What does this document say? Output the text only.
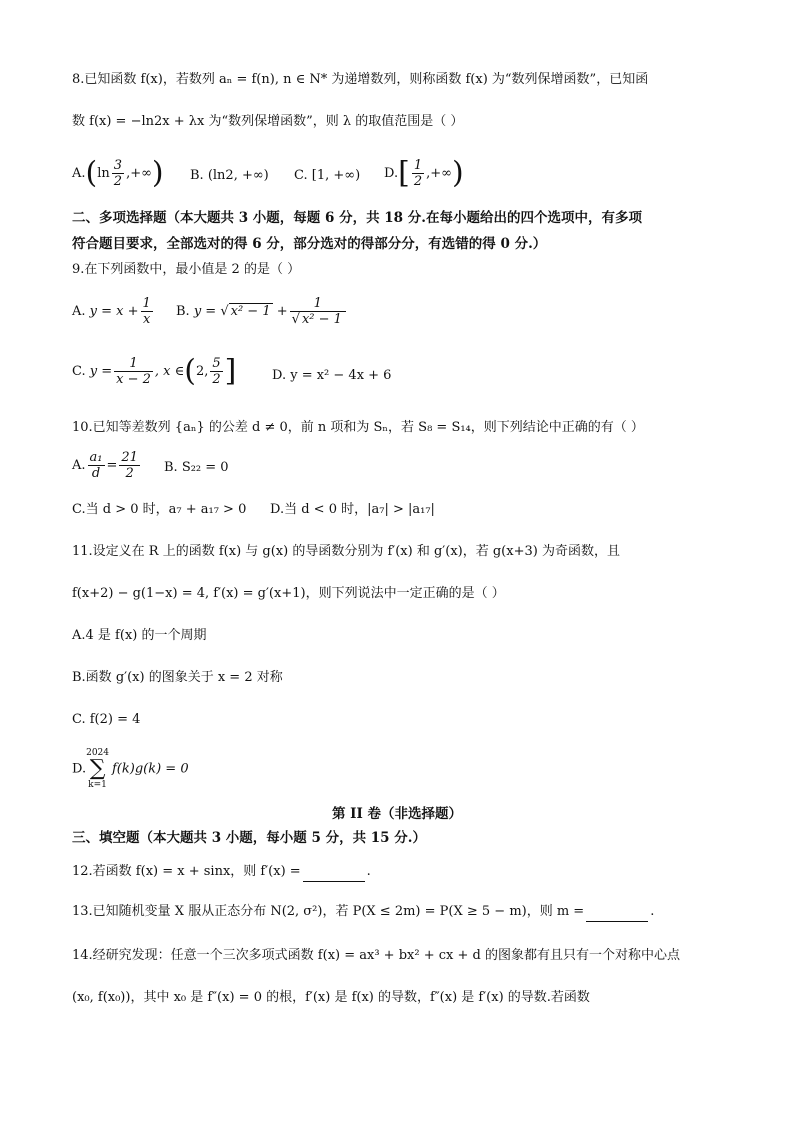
8.已知函数 f(x)，若数列 aₙ = f(n), n ∈ N* 为递增数列，则称函数 f(x) 为“数列保增函数”，已知函
数 f(x) = −ln2x + λx 为“数列保增函数”，则 λ 的取值范围是（ ）
$A.(\ln \frac{3}{2}$ ,+∞) B. (ln2, +∞) C. [1, +∞) $D.[ \frac{1}{2}$ ,+∞)
二、多项选择题（本大题共 3 小题，每题 6 分，共 18 分.在每小题给出的四个选项中，有多项
符合题目要求，全部选对的得 6 分，部分选对的得部分分，有选错的得 0 分.）
9.在下列函数中，最小值是 2 的是（ ）
A. $y = x + \frac{1}{x} B$. y = √ $x^2 - 1 + \frac{1}{\text{√ x² − 1}}$
C. $y = \frac{1}{x - 2}$ , x ∈(2, $\frac{5}{2}$ ]	D. y = x² − 4x + 6
10.已知等差数列 {aₙ} 的公差 d ≠ 0，前 n 项和为 Sₙ，若 S₈ = S₁₄，则下列结论中正确的有（ ）
A. $\frac{\text{a₁}}{d} = \frac{21}{2} B$. S₂₂ = 0
C.当 d > 0 时，a₇ + a₁₇ > 0 D.当 d < 0 时，|a₇| > |a₁₇|
11.设定义在 R 上的函数 f(x) 与 g(x) 的导函数分别为 f′(x) 和 g′(x)，若 g(x+3) 为奇函数，且
f(x+2) − g(1−x) = 4, f′(x) = g′(x+1)，则下列说法中一定正确的是（ ）
A.4 是 f(x) 的一个周期
B.函数 g′(x) 的图象关于 x = 2 对称
C. f(2) = 4
D.2024
∑
k=1f(k)g(k) = 0
第 II 卷（非选择题）
三、填空题（本大题共 3 小题，每小题 5 分，共 15 分.）
12.若函数 f(x) = x + sinx，则 f′(x) =	.
13.已知随机变量 X 服从正态分布 N(2, σ²)，若 P(X ≤ 2m) = P(X ≥ 5 − m)，则 m =	.
14.经研究发现：任意一个三次多项式函数 f(x) = ax³ + bx² + cx + d 的图象都有且只有一个对称中心点
(x₀, f(x₀))，其中 x₀ 是 f″(x) = 0 的根，f′(x) 是 f(x) 的导数，f″(x) 是 f′(x) 的导数.若函数
